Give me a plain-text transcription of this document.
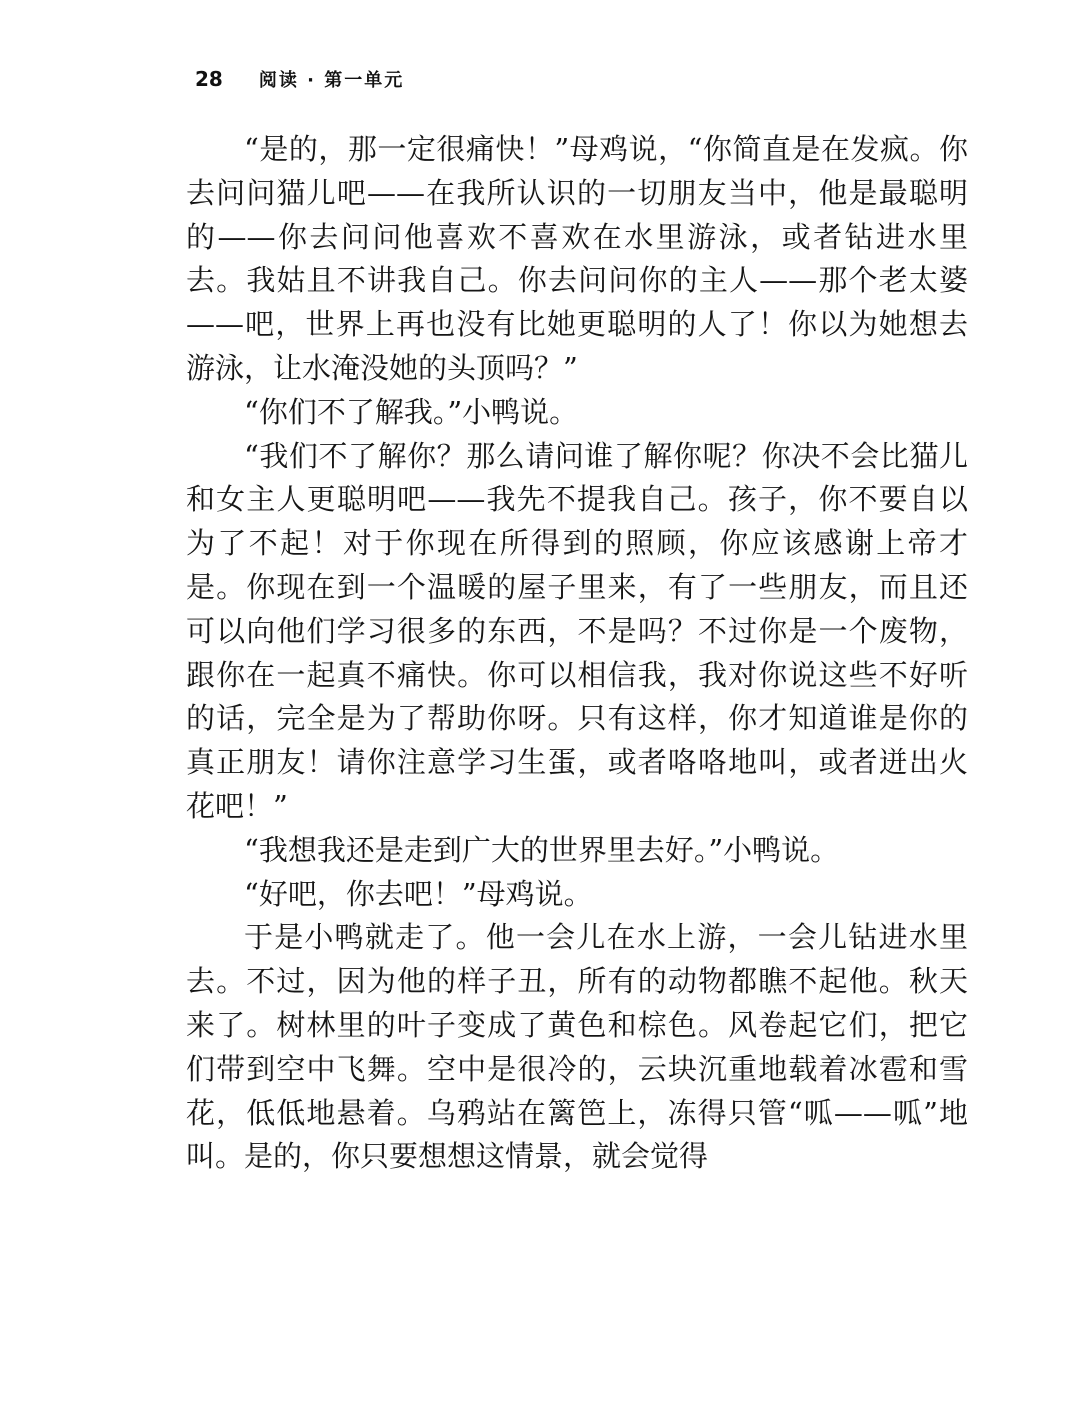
28 阅读 · 第一单元

“是的，那一定很痛快！”母鸡说，“你简直是在发疯。你去问问猫儿吧——在我所认识的一切朋友当中，他是最聪明的——你去问问他喜欢不喜欢在水里游泳，或者钻进水里去。我姑且不讲我自己。你去问问你的主人——那个老太婆——吧，世界上再也没有比她更聪明的人了！你以为她想去游泳，让水淹没她的头顶吗？”

“你们不了解我。”小鸭说。

“我们不了解你？那么请问谁了解你呢？你决不会比猫儿和女主人更聪明吧——我先不提我自己。孩子，你不要自以为了不起！对于你现在所得到的照顾，你应该感谢上帝才是。你现在到一个温暖的屋子里来，有了一些朋友，而且还可以向他们学习很多的东西，不是吗？不过你是一个废物，跟你在一起真不痛快。你可以相信我，我对你说这些不好听的话，完全是为了帮助你呀。只有这样，你才知道谁是你的真正朋友！请你注意学习生蛋，或者咯咯地叫，或者迸出火花吧！”

“我想我还是走到广大的世界里去好。”小鸭说。

“好吧，你去吧！”母鸡说。

于是小鸭就走了。他一会儿在水上游，一会儿钻进水里去。不过，因为他的样子丑，所有的动物都瞧不起他。秋天来了。树林里的叶子变成了黄色和棕色。风卷起它们，把它们带到空中飞舞。空中是很冷的，云块沉重地载着冰雹和雪花，低低地悬着。乌鸦站在篱笆上，冻得只管“呱——呱”地叫。是的，你只要想想这情景，就会觉得
